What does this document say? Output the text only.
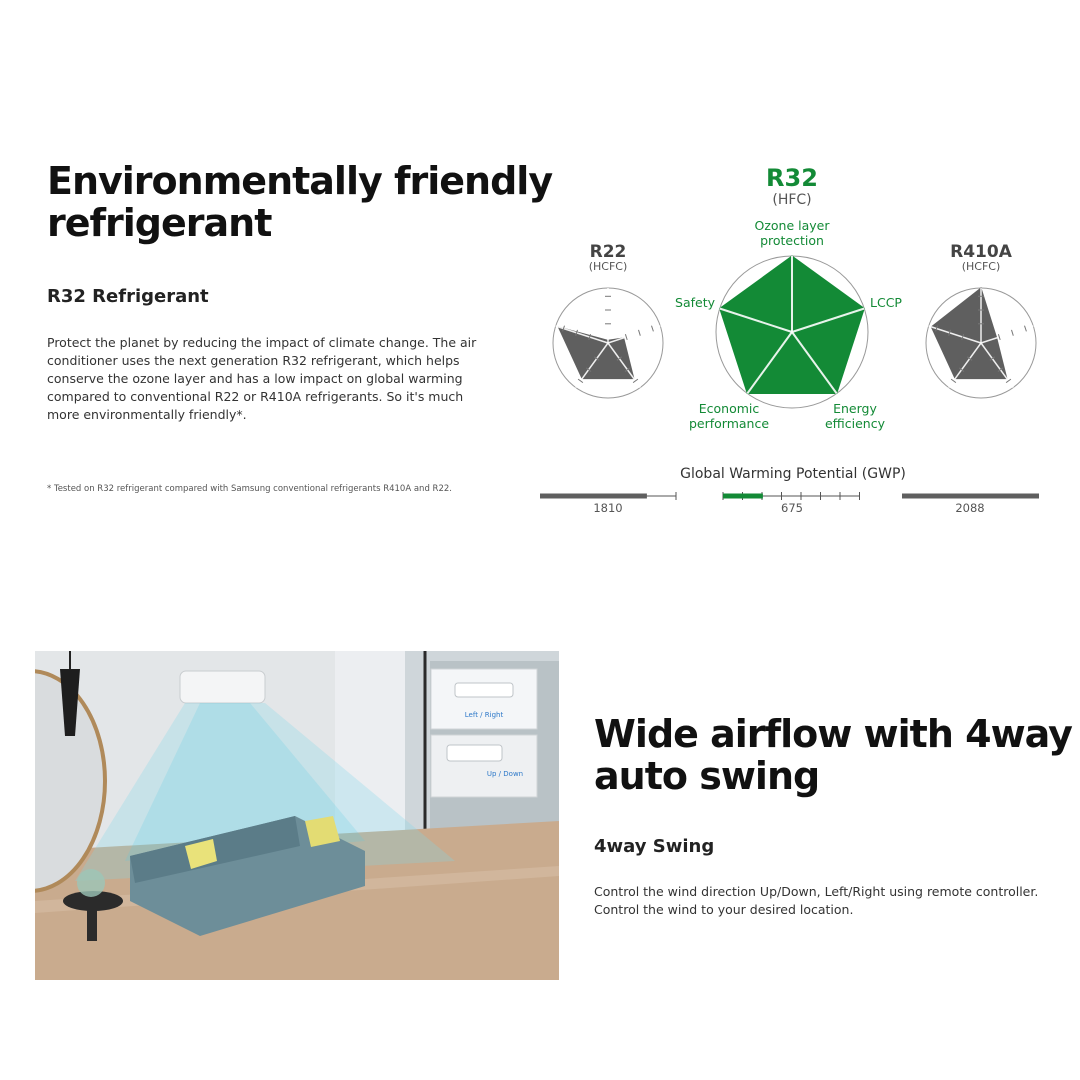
Environmentally friendly

refrigerant

R32 Refrigerant

Protect the planet by reducing the impact of climate change. The air conditioner uses the next generation R32 refrigerant, which helps conserve the ozone layer and has a low impact on global warming compared to conventional R22 or R410A refrigerants. So it's much more environmentally friendly*.

* Tested on R32 refrigerant compared with Samsung conventional refrigerants R410A and R22.
R22
(HCFC)
R32
(HFC)
Ozone layer
protection
LCCP
Safety
Energy
efficiency
Economic
performance
R410A
(HCFC)
Global Warming Potential (GWP)
1810	675	2088
Left / Right
Up / Down

Wide airflow with 4way

auto swing

4way Swing

Control the wind direction Up/Down, Left/Right using remote controller.

Control the wind to your desired location.
